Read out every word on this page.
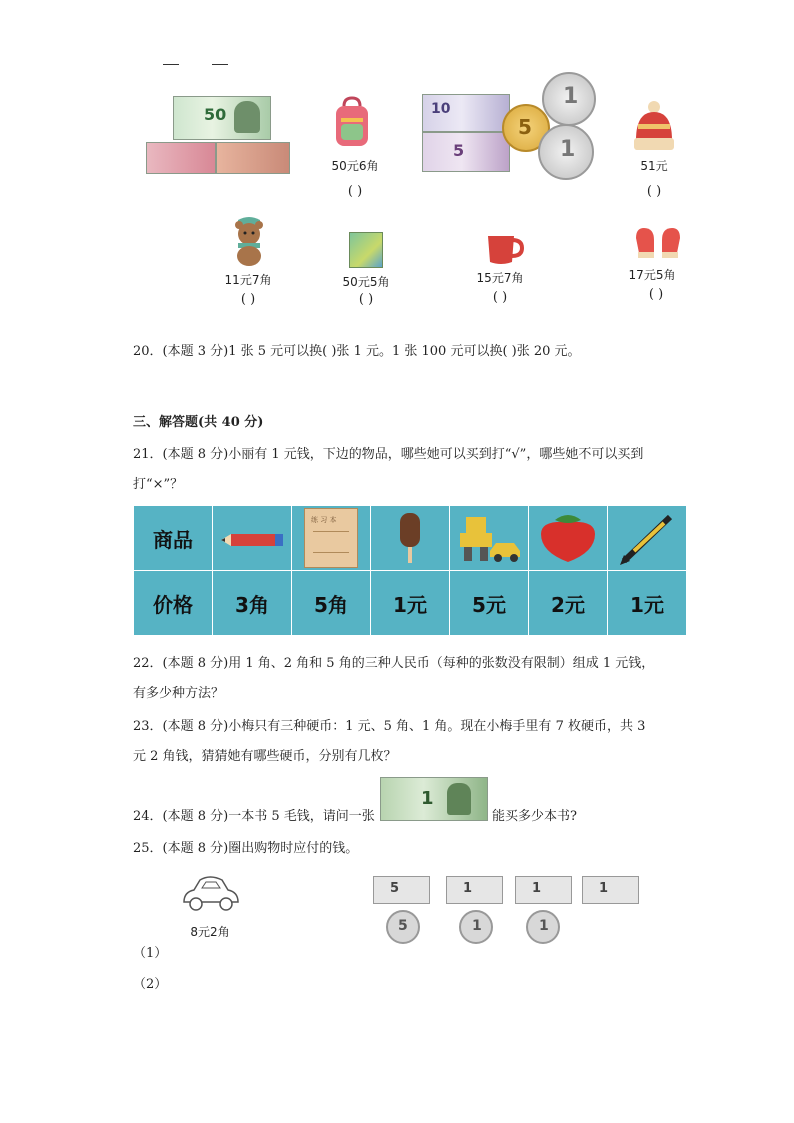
50
50元6角
( )
10
5
5
1
1
51元
( )
11元7角
( )
50元5角
( )
15元7角
( )
17元5角
( )
20．(本题 3 分)1 张 5 元可以换( )张 1 元。1 张 100 元可以换( )张 20 元。
三、解答题(共 40 分)
21．(本题 8 分)小丽有 1 元钱，下边的物品，哪些她可以买到打“√”，哪些她不可以买到
打“×”？
商品		练 习 本

价格	3角	5角	1元	5元	2元	1元
22．(本题 8 分)用 1 角、2 角和 5 角的三种人民币（每种的张数没有限制）组成 1 元钱，
有多少种方法？
23．(本题 8 分)小梅只有三种硬币：1 元、5 角、1 角。现在小梅手里有 7 枚硬币，共 3
元 2 角钱，猜猜她有哪些硬币，分别有几枚？
24．(本题 8 分)一本书 5 毛钱，请问一张
1
能买多少本书?
25．(本题 8 分)圈出购物时应付的钱。
8元2角
（1）
（2）
5	1	1	1
5	1	1
